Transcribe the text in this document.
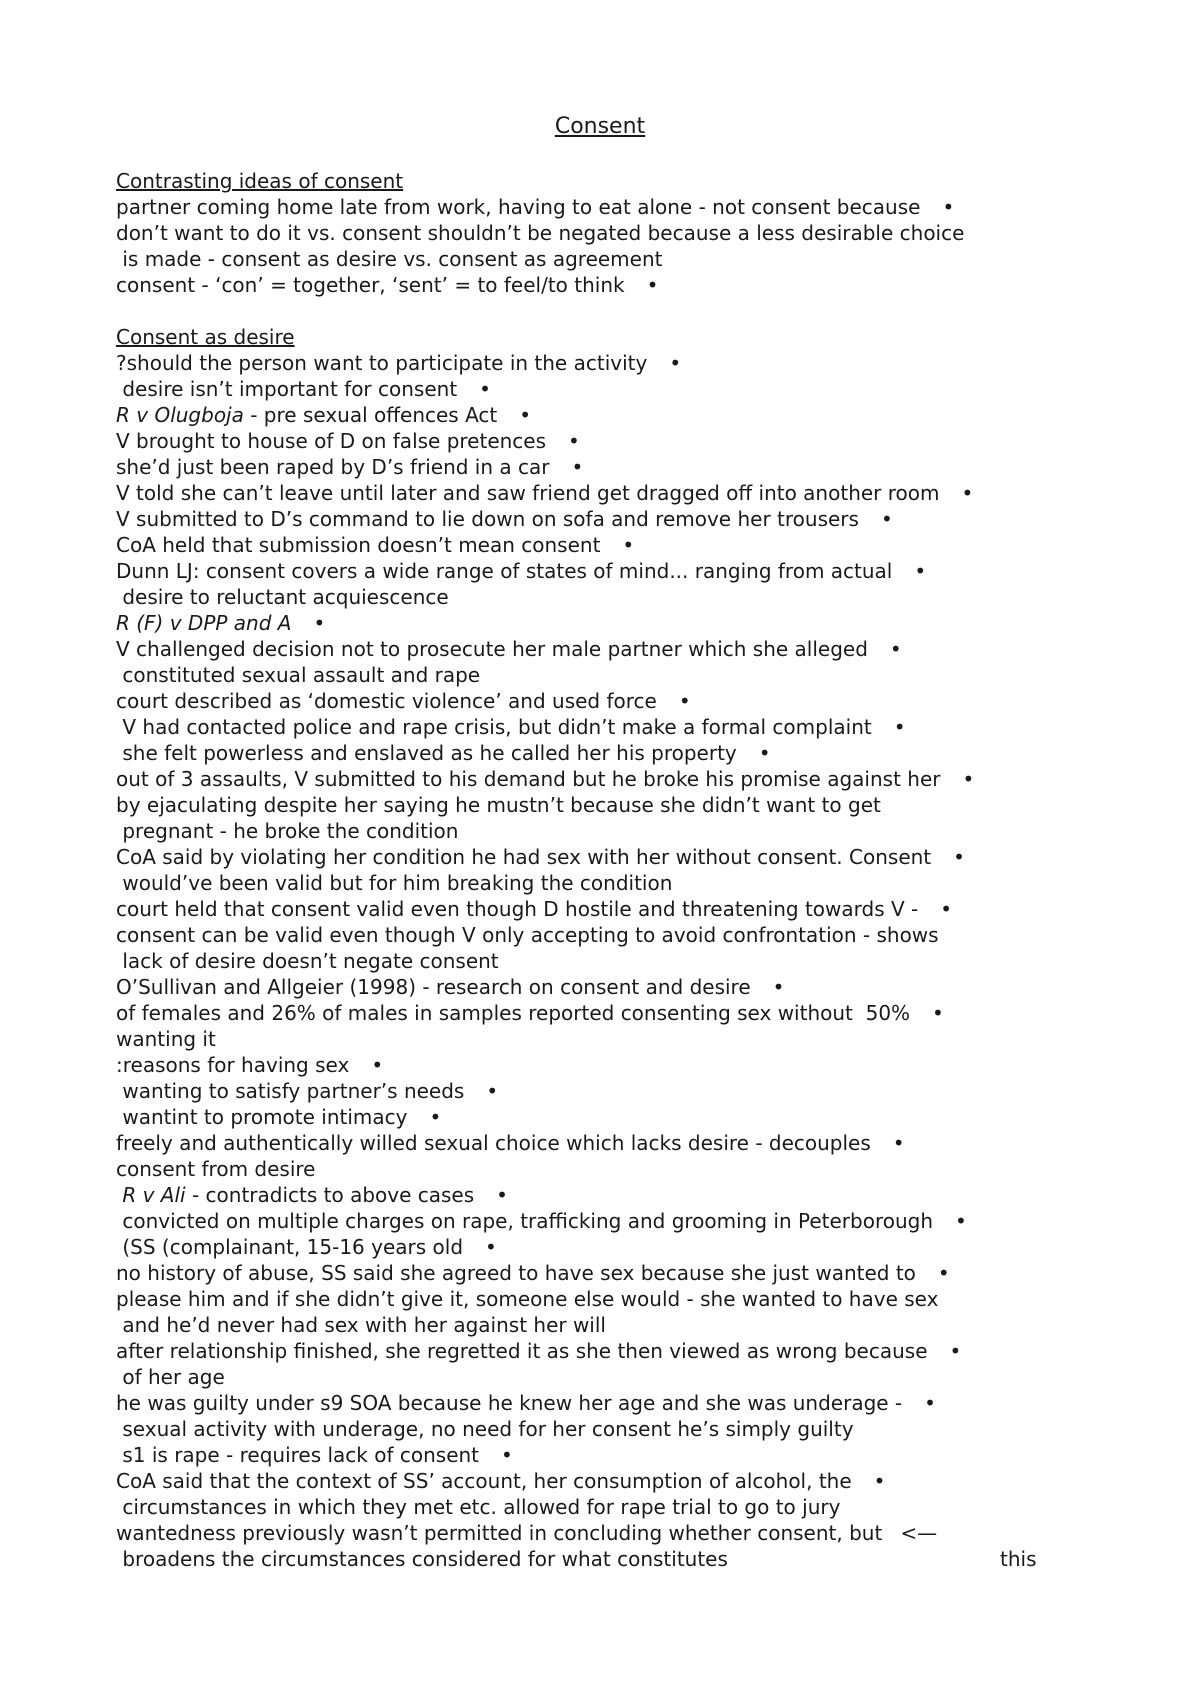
Consent
Contrasting ideas of consent
partner coming home late from work, having to eat alone - not consent because •
don’t want to do it vs. consent shouldn’t be negated because a less desirable choice
is made - consent as desire vs. consent as agreement
consent - ‘con’ = together, ‘sent’ = to feel/to think •
Consent as desire
?should the person want to participate in the activity •
desire isn’t important for consent •
R v Olugboja - pre sexual offences Act •
V brought to house of D on false pretences •
she’d just been raped by D’s friend in a car •
V told she can’t leave until later and saw friend get dragged off into another room •
V submitted to D’s command to lie down on sofa and remove her trousers •
CoA held that submission doesn’t mean consent •
Dunn LJ: consent covers a wide range of states of mind... ranging from actual •
desire to reluctant acquiescence
R (F) v DPP and A •
V challenged decision not to prosecute her male partner which she alleged •
constituted sexual assault and rape
court described as ‘domestic violence’ and used force •
V had contacted police and rape crisis, but didn’t make a formal complaint •
she felt powerless and enslaved as he called her his property •
out of 3 assaults, V submitted to his demand but he broke his promise against her •
by ejaculating despite her saying he mustn’t because she didn’t want to get
pregnant - he broke the condition
CoA said by violating her condition he had sex with her without consent. Consent •
would’ve been valid but for him breaking the condition
court held that consent valid even though D hostile and threatening towards V - •
consent can be valid even though V only accepting to avoid confrontation - shows
lack of desire doesn’t negate consent
O’Sullivan and Allgeier (1998) - research on consent and desire •
of females and 26% of males in samples reported consenting sex without  50% •
wanting it
:reasons for having sex •
wanting to satisfy partner’s needs •
wantint to promote intimacy •
freely and authentically willed sexual choice which lacks desire - decouples •
consent from desire
R v Ali - contradicts to above cases •
convicted on multiple charges on rape, trafficking and grooming in Peterborough •
(SS (complainant, 15-16 years old •
no history of abuse, SS said she agreed to have sex because she just wanted to •
please him and if she didn’t give it, someone else would - she wanted to have sex
and he’d never had sex with her against her will
after relationship finished, she regretted it as she then viewed as wrong because •
of her age
he was guilty under s9 SOA because he knew her age and she was underage - •
sexual activity with underage, no need for her consent he’s simply guilty
s1 is rape - requires lack of consent •
CoA said that the context of SS’ account, her consumption of alcohol, the •
circumstances in which they met etc. allowed for rape trial to go to jury
wantedness previously wasn’t permitted in concluding whether consent, but <—
broadens the circumstances considered for what constitutes	this
